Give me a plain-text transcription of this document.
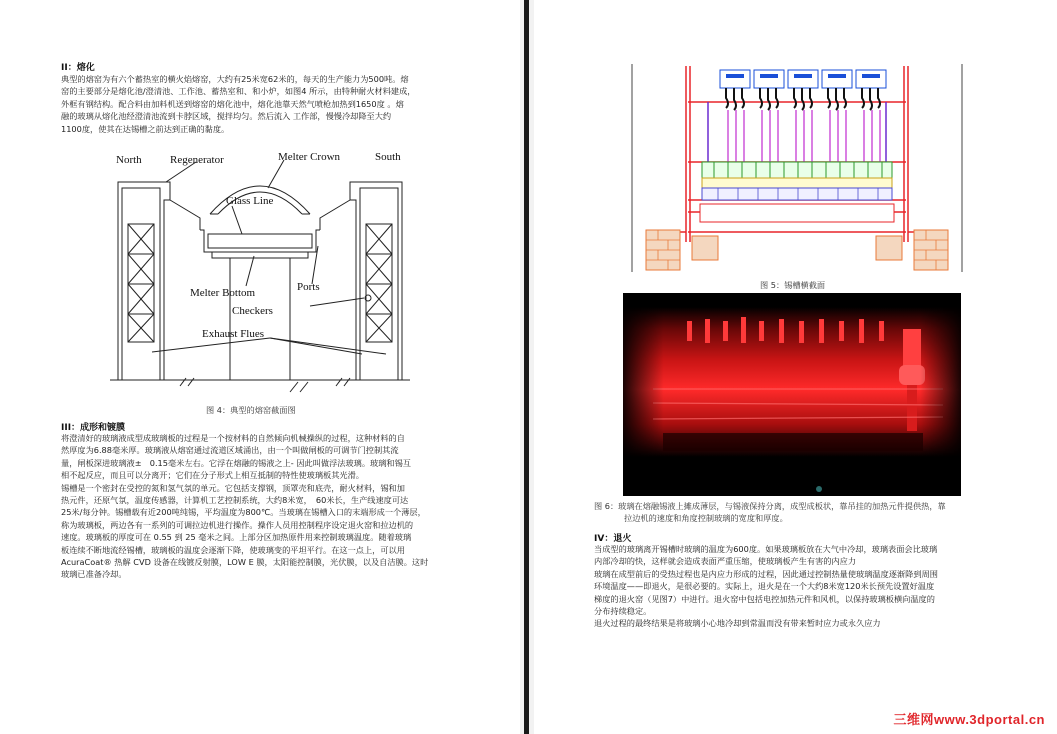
II：熔化
典型的熔窑为有六个蓄热室的横火焰熔窑，大约有25米宽62米的，每天的生产能力为500吨。熔
窑的主要部分是熔化池/澄清池、工作池、蓄热室和、和小炉，如图4 所示，由特种耐火材料建成，
外框有钢结构。配合料由加料机送到熔窑的熔化池中，熔化池靠天然气喷枪加热到1650度 。熔
融的玻璃从熔化池经澄清池流到卡脖区域，搅拌均匀。然后流入 工作部，慢慢冷却降至大约
1100度，使其在达锡槽之前达到正确的黏度。
North	Regenerator	Melter Crown	South
Glass Line
Ports
Melter Bottom
Checkers
Exhaust Flues
图 4：典型的熔窑截面图
III：成形和镀膜
将澄清好的玻璃液成型成玻璃板的过程是一个按材料的自然倾向机械操纵的过程，这种材料的自
然厚度为6.88毫米厚。玻璃液从熔窑通过流道区域涌出，由一个叫做闸板的可调节门控制其流
量，闸板深进玻璃液±　0.15毫米左右。它浮在熔融的锡液之上- 因此叫做浮法玻璃。玻璃和锡互
相不起反应，而且可以分离开；它们在分子形式上相互抵制的特性使玻璃板其光滑。
锡槽是一个密封在受控的氮和氢气氛的单元。它包括支撑钢，顶罩壳和底壳，耐火材料，锡和加
热元件，还原气氛，温度传感器，计算机工艺控制系统，大约8米宽，　60米长，生产线速度可达
25米/每分钟。锡槽载有近200吨纯锡，平均温度为800℃。当玻璃在锡槽入口的末端形成一个薄层，
称为玻璃板，两边各有一系列的可调拉边机进行操作。操作人员用控制程序设定退火窑和拉边机的
速度。玻璃板的厚度可在 0.55 到 25 毫米之间。上部分区加热原件用来控制玻璃温度。随着玻璃
板连续不断地流经锡槽，玻璃板的温度会逐渐下降，使玻璃变的平坦平行。在这一点上，可以用
AcuraCoat® 热解 CVD 设备在线镀反射膜，LOW E 膜，太阳能控制膜，光伏膜，以及自洁膜。这时
玻璃已准备冷却。
图 5：锡槽横截面
图 6：玻璃在熔融锡液上摊成薄层，与锡液保持分离，成型成板状，靠吊挂的加热元件提供热，靠
拉边机的速度和角度控制玻璃的宽度和厚度。
IV：退火
当成型的玻璃离开锡槽时玻璃的温度为600度。如果玻璃板放在大气中冷却，玻璃表面会比玻璃
内部冷却的快，这样就会造成表面严重压缩，使玻璃板产生有害的内应力
玻璃在成型前后的受热过程也是内应力形成的过程，因此通过控制热量使玻璃温度逐渐降到周围
环境温度——即退火，是很必要的。实际上，退火是在一个大约8米宽120米长预先设置好温度
梯度的退火窑（见图7）中进行。退火窑中包括电控加热元件和风机，以保持玻璃板横向温度的
分布持续稳定。
退火过程的最终结果是将玻璃小心地冷却到常温而没有带来暂时应力或永久应力
三维网www.3dportal.cn
